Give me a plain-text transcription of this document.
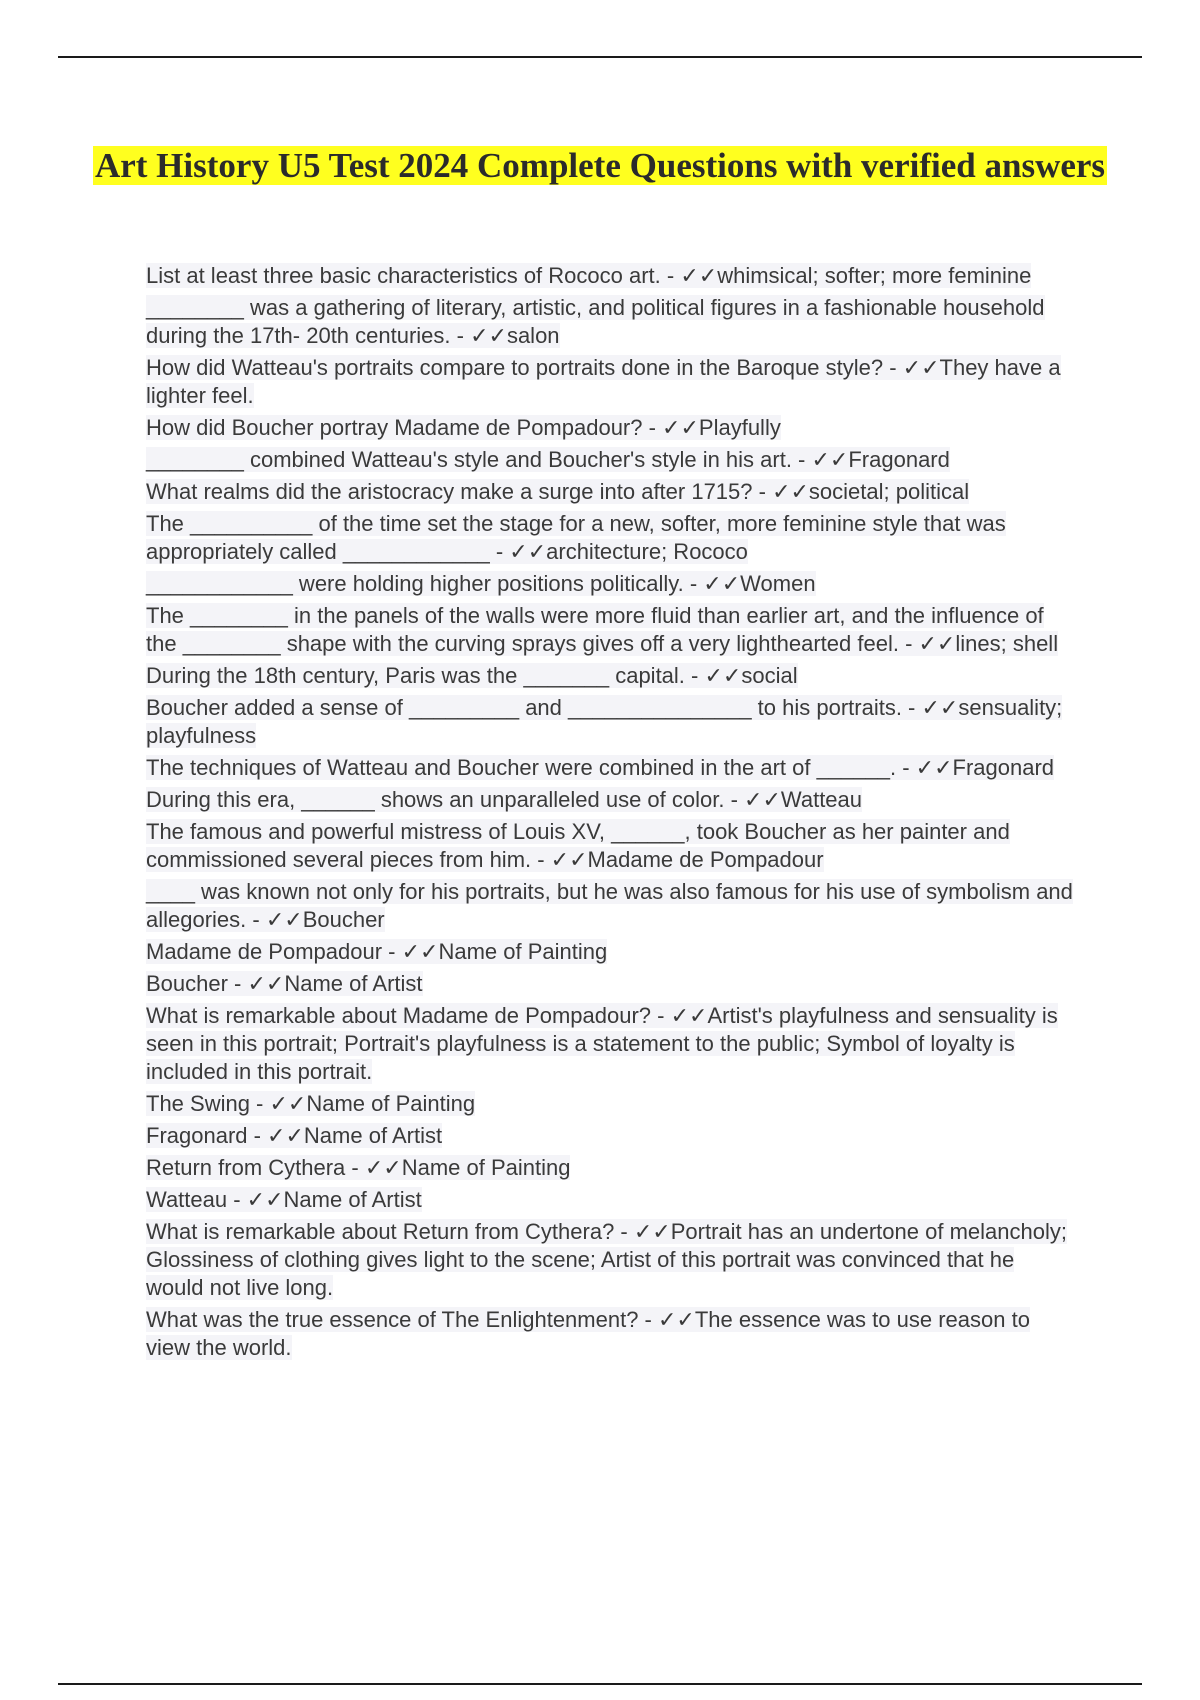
Art History U5 Test 2024 Complete Questions with verified answers
List at least three basic characteristics of Rococo art. - ✓✓whimsical; softer; more feminine
________ was a gathering of literary, artistic, and political figures in a fashionable household during the 17th- 20th centuries. - ✓✓salon
How did Watteau's portraits compare to portraits done in the Baroque style? - ✓✓They have a lighter feel.
How did Boucher portray Madame de Pompadour? - ✓✓Playfully
________ combined Watteau's style and Boucher's style in his art. - ✓✓Fragonard
What realms did the aristocracy make a surge into after 1715? - ✓✓societal; political
The __________ of the time set the stage for a new, softer, more feminine style that was appropriately called ____________ - ✓✓architecture; Rococo
____________ were holding higher positions politically. - ✓✓Women
The ________ in the panels of the walls were more fluid than earlier art, and the influence of the ________ shape with the curving sprays gives off a very lighthearted feel. - ✓✓lines; shell
During the 18th century, Paris was the _______ capital. - ✓✓social
Boucher added a sense of _________ and _______________ to his portraits. - ✓✓sensuality; playfulness
The techniques of Watteau and Boucher were combined in the art of ______. - ✓✓Fragonard
During this era, ______ shows an unparalleled use of color. - ✓✓Watteau
The famous and powerful mistress of Louis XV, ______, took Boucher as her painter and commissioned several pieces from him. - ✓✓Madame de Pompadour
____ was known not only for his portraits, but he was also famous for his use of symbolism and allegories. - ✓✓Boucher
Madame de Pompadour - ✓✓Name of Painting
Boucher - ✓✓Name of Artist
What is remarkable about Madame de Pompadour? - ✓✓Artist's playfulness and sensuality is seen in this portrait; Portrait's playfulness is a statement to the public; Symbol of loyalty is included in this portrait.
The Swing - ✓✓Name of Painting
Fragonard - ✓✓Name of Artist
Return from Cythera - ✓✓Name of Painting
Watteau - ✓✓Name of Artist
What is remarkable about Return from Cythera? - ✓✓Portrait has an undertone of melancholy; Glossiness of clothing gives light to the scene; Artist of this portrait was convinced that he would not live long.
What was the true essence of The Enlightenment? - ✓✓The essence was to use reason to view the world.
